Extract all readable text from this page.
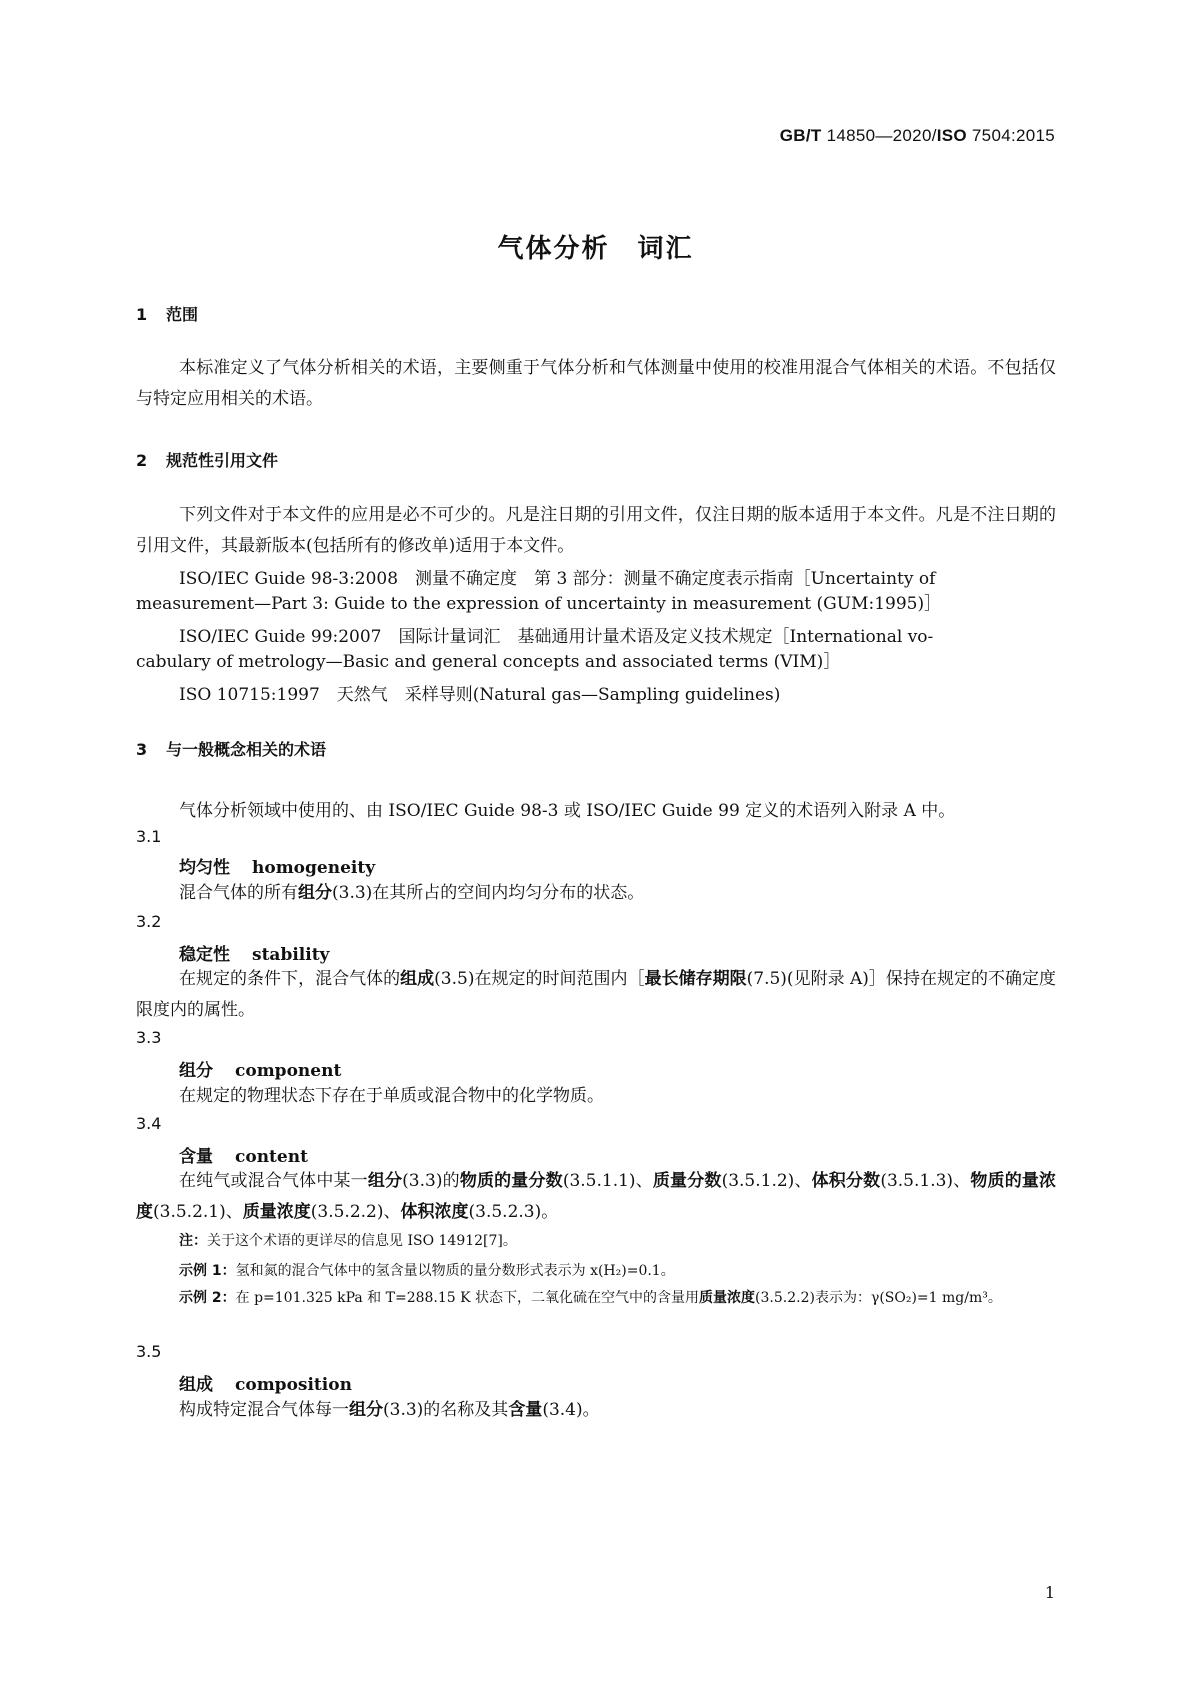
GB/T 14850—2020/ISO 7504:2015
气体分析　词汇
1 范围
本标准定义了气体分析相关的术语，主要侧重于气体分析和气体测量中使用的校准用混合气体相关的术语。不包括仅与特定应用相关的术语。
2 规范性引用文件
下列文件对于本文件的应用是必不可少的。凡是注日期的引用文件，仅注日期的版本适用于本文件。凡是不注日期的引用文件，其最新版本(包括所有的修改单)适用于本文件。
ISO/IEC Guide 98-3:2008　测量不确定度　第 3 部分：测量不确定度表示指南［Uncertainty of
measurement—Part 3: Guide to the expression of uncertainty in measurement (GUM:1995)］
ISO/IEC Guide 99:2007　国际计量词汇　基础通用计量术语及定义技术规定［International vo-
cabulary of metrology—Basic and general concepts and associated terms (VIM)］
ISO 10715:1997　天然气　采样导则(Natural gas—Sampling guidelines)
3 与一般概念相关的术语
气体分析领域中使用的、由 ISO/IEC Guide 98-3 或 ISO/IEC Guide 99 定义的术语列入附录 A 中。
3.1
均匀性 homogeneity
混合气体的所有组分(3.3)在其所占的空间内均匀分布的状态。
3.2
稳定性 stability
在规定的条件下，混合气体的组成(3.5)在规定的时间范围内［最长储存期限(7.5)(见附录 A)］保持在规定的不确定度限度内的属性。
3.3
组分 component
在规定的物理状态下存在于单质或混合物中的化学物质。
3.4
含量 content
在纯气或混合气体中某一组分(3.3)的物质的量分数(3.5.1.1)、质量分数(3.5.1.2)、体积分数(3.5.1.3)、物质的量浓度(3.5.2.1)、质量浓度(3.5.2.2)、体积浓度(3.5.2.3)。
注：关于这个术语的更详尽的信息见 ISO 14912[7]。
示例 1：氢和氮的混合气体中的氢含量以物质的量分数形式表示为 x(H₂)=0.1。
示例 2：在 p=101.325 kPa 和 T=288.15 K 状态下，二氧化硫在空气中的含量用质量浓度(3.5.2.2)表示为：γ(SO₂)=1 mg/m³。
3.5
组成 composition
构成特定混合气体每一组分(3.3)的名称及其含量(3.4)。
1
